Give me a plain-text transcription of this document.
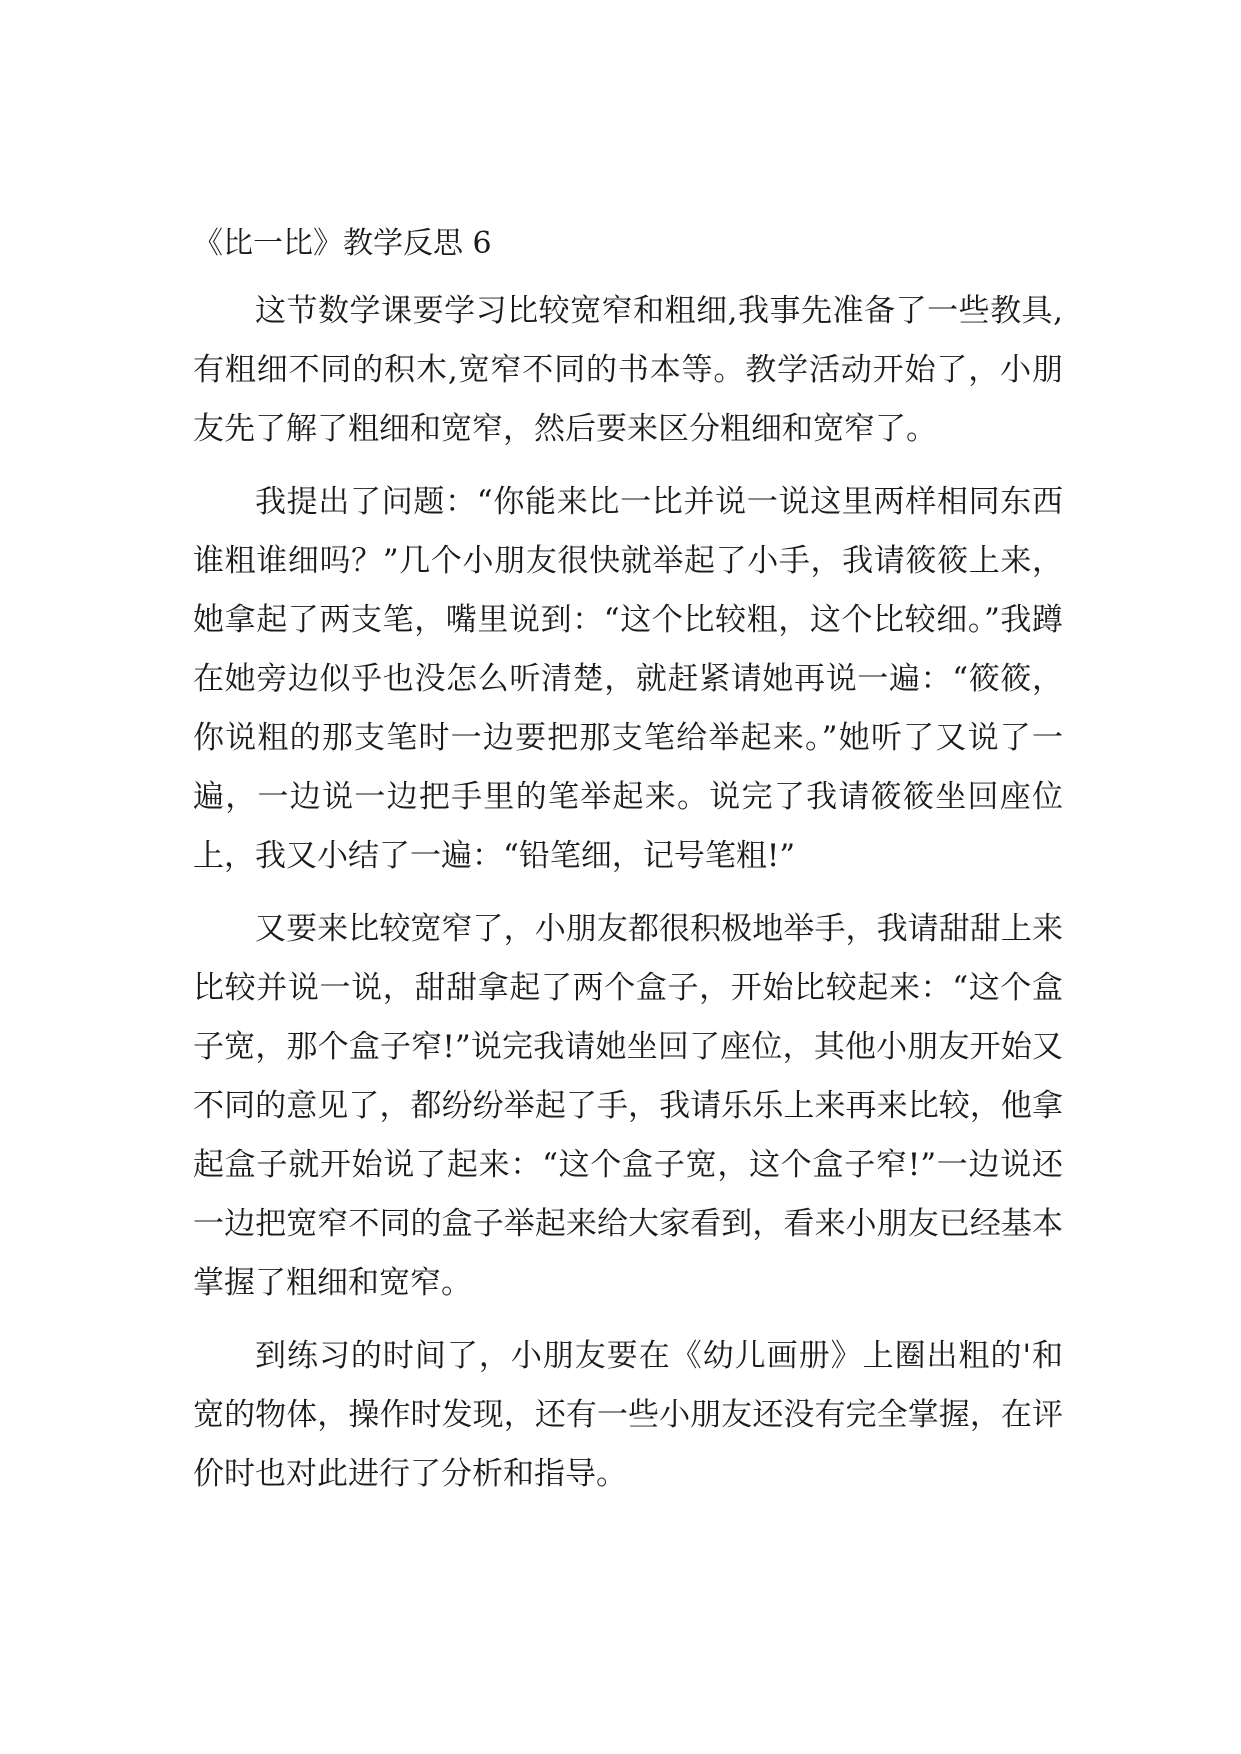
《比一比》教学反思 6

这节数学课要学习比较宽窄和粗细,我事先准备了一些教具,有粗细不同的积木,宽窄不同的书本等。教学活动开始了，小朋友先了解了粗细和宽窄，然后要来区分粗细和宽窄了。

我提出了问题：“你能来比一比并说一说这里两样相同东西谁粗谁细吗？”几个小朋友很快就举起了小手，我请筱筱上来，她拿起了两支笔，嘴里说到：“这个比较粗，这个比较细。”我蹲在她旁边似乎也没怎么听清楚，就赶紧请她再说一遍：“筱筱，你说粗的那支笔时一边要把那支笔给举起来。”她听了又说了一遍，一边说一边把手里的笔举起来。说完了我请筱筱坐回座位上，我又小结了一遍：“铅笔细，记号笔粗!”

又要来比较宽窄了，小朋友都很积极地举手，我请甜甜上来比较并说一说，甜甜拿起了两个盒子，开始比较起来：“这个盒子宽，那个盒子窄!”说完我请她坐回了座位，其他小朋友开始又不同的意见了，都纷纷举起了手，我请乐乐上来再来比较，他拿起盒子就开始说了起来：“这个盒子宽，这个盒子窄!”一边说还一边把宽窄不同的盒子举起来给大家看到，看来小朋友已经基本掌握了粗细和宽窄。

到练习的时间了，小朋友要在《幼儿画册》上圈出粗的'和宽的物体，操作时发现，还有一些小朋友还没有完全掌握，在评价时也对此进行了分析和指导。
